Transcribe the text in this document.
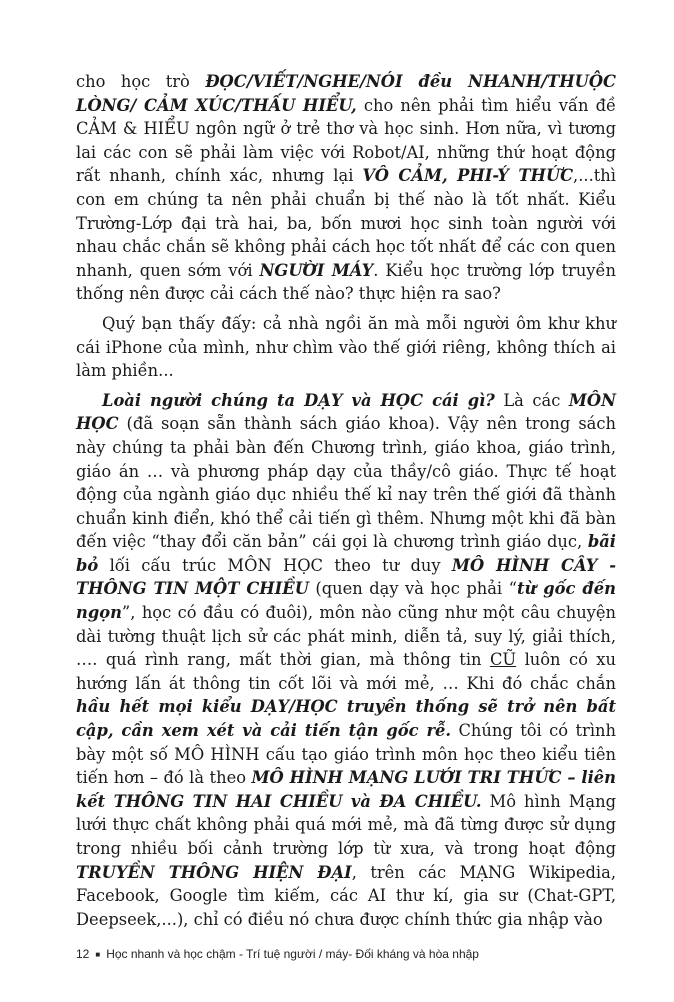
cho học trò ĐỌC/VIẾT/NGHE/NÓI đều NHANH/THUỘC LÒNG/ CẢM XÚC/THẤU HIỂU, cho nên phải tìm hiểu vấn đề CẢM & HIỂU ngôn ngữ ở trẻ thơ và học sinh. Hơn nữa, vì tương lai các con sẽ phải làm việc với Robot/AI, những thứ hoạt động rất nhanh, chính xác, nhưng lại VÔ CẢM, PHI-Ý THỨC,...thì con em chúng ta nên phải chuẩn bị thế nào là tốt nhất. Kiểu Trường-Lớp đại trà hai, ba, bốn mươi học sinh toàn người với nhau chắc chắn sẽ không phải cách học tốt nhất để các con quen nhanh, quen sớm với NGƯỜI MÁY. Kiểu học trường lớp truyền thống nên được cải cách thế nào? thực hiện ra sao?

Quý bạn thấy đấy: cả nhà ngồi ăn mà mỗi người ôm khư khư cái iPhone của mình, như chìm vào thế giới riêng, không thích ai làm phiền...

Loài người chúng ta DẠY và HỌC cái gì? Là các MÔN HỌC (đã soạn sẵn thành sách giáo khoa). Vậy nên trong sách này chúng ta phải bàn đến Chương trình, giáo khoa, giáo trình, giáo án … và phương pháp dạy của thầy/cô giáo. Thực tế hoạt động của ngành giáo dục nhiều thế kỉ nay trên thế giới đã thành chuẩn kinh điển, khó thể cải tiến gì thêm. Nhưng một khi đã bàn đến việc “thay đổi căn bản” cái gọi là chương trình giáo dục, bãi bỏ lối cấu trúc MÔN HỌC theo tư duy MÔ HÌNH CÂY - THÔNG TIN MỘT CHIỀU (quen dạy và học phải “từ gốc đến ngọn”, học có đầu có đuôi), môn nào cũng như một câu chuyện dài tường thuật lịch sử các phát minh, diễn tả, suy lý, giải thích, …. quá rình rang, mất thời gian, mà thông tin CŨ luôn có xu hướng lấn át thông tin cốt lõi và mới mẻ, … Khi đó chắc chắn hầu hết mọi kiểu DẠY/HỌC truyền thống sẽ trở nên bất cập, cần xem xét và cải tiến tận gốc rễ. Chúng tôi có trình bày một số MÔ HÌNH cấu tạo giáo trình môn học theo kiểu tiên tiến hơn – đó là theo MÔ HÌNH MẠNG LƯỚI TRI THỨC – liên kết THÔNG TIN HAI CHIỀU và ĐA CHIỀU. Mô hình Mạng lưới thực chất không phải quá mới mẻ, mà đã từng được sử dụng trong nhiều bối cảnh trường lớp từ xưa, và trong hoạt động TRUYỀN THÔNG HIỆN ĐẠI, trên các MẠNG Wikipedia, Facebook, Google tìm kiếm, các AI thư kí, gia sư (Chat-GPT, Deepseek,...), chỉ có điều nó chưa được chính thức gia nhập vào

12 ■ Học nhanh và học chậm - Trí tuệ người / máy- Đối kháng và hòa nhập
